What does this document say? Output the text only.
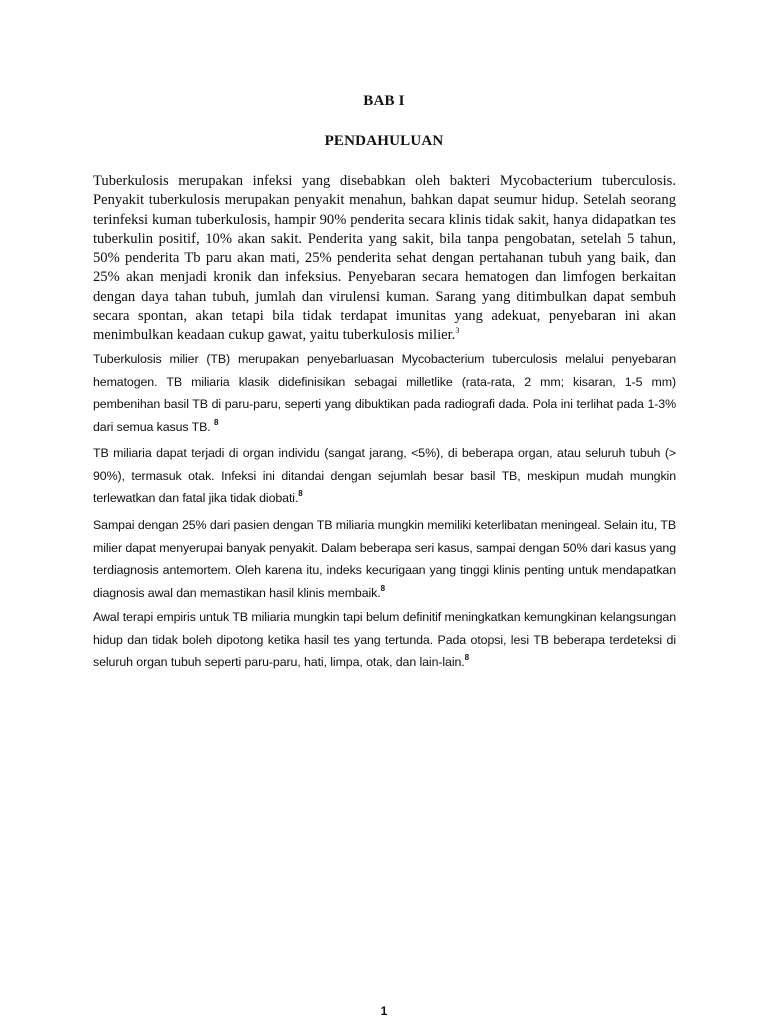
BAB I
PENDAHULUAN

Tuberkulosis merupakan infeksi yang disebabkan oleh bakteri Mycobacterium tuberculosis. Penyakit tuberkulosis merupakan penyakit menahun, bahkan dapat seumur hidup. Setelah seorang terinfeksi kuman tuberkulosis, hampir 90% penderita secara klinis tidak sakit, hanya didapatkan tes tuberkulin positif, 10% akan sakit. Penderita yang sakit, bila tanpa pengobatan, setelah 5 tahun, 50% penderita Tb paru akan mati, 25% penderita sehat dengan pertahanan tubuh yang baik, dan 25% akan menjadi kronik dan infeksius. Penyebaran secara hematogen dan limfogen berkaitan dengan daya tahan tubuh, jumlah dan virulensi kuman. Sarang yang ditimbulkan dapat sembuh secara spontan, akan tetapi bila tidak terdapat imunitas yang adekuat, penyebaran ini akan menimbulkan keadaan cukup gawat, yaitu tuberkulosis milier.$^3$

Tuberkulosis milier (TB) merupakan penyebarluasan Mycobacterium tuberculosis melalui penyebaran hematogen. TB miliaria klasik didefinisikan sebagai milletlike (rata-rata, 2 mm; kisaran, 1-5 mm) pembenihan basil TB di paru-paru, seperti yang dibuktikan pada radiografi dada. Pola ini terlihat pada 1-3% dari semua kasus TB. $^8$

TB miliaria dapat terjadi di organ individu (sangat jarang, <5%), di beberapa organ, atau seluruh tubuh (> 90%), termasuk otak. Infeksi ini ditandai dengan sejumlah besar basil TB, meskipun mudah mungkin terlewatkan dan fatal jika tidak diobati.$^8$

Sampai dengan 25% dari pasien dengan TB miliaria mungkin memiliki keterlibatan meningeal. Selain itu, TB milier dapat menyerupai banyak penyakit. Dalam beberapa seri kasus, sampai dengan 50% dari kasus yang terdiagnosis antemortem. Oleh karena itu, indeks kecurigaan yang tinggi klinis penting untuk mendapatkan diagnosis awal dan memastikan hasil klinis membaik.$^8$

Awal terapi empiris untuk TB miliaria mungkin tapi belum definitif meningkatkan kemungkinan kelangsungan hidup dan tidak boleh dipotong ketika hasil tes yang tertunda. Pada otopsi, lesi TB beberapa terdeteksi di seluruh organ tubuh seperti paru-paru, hati, limpa, otak, dan lain-lain.$^8$

1
